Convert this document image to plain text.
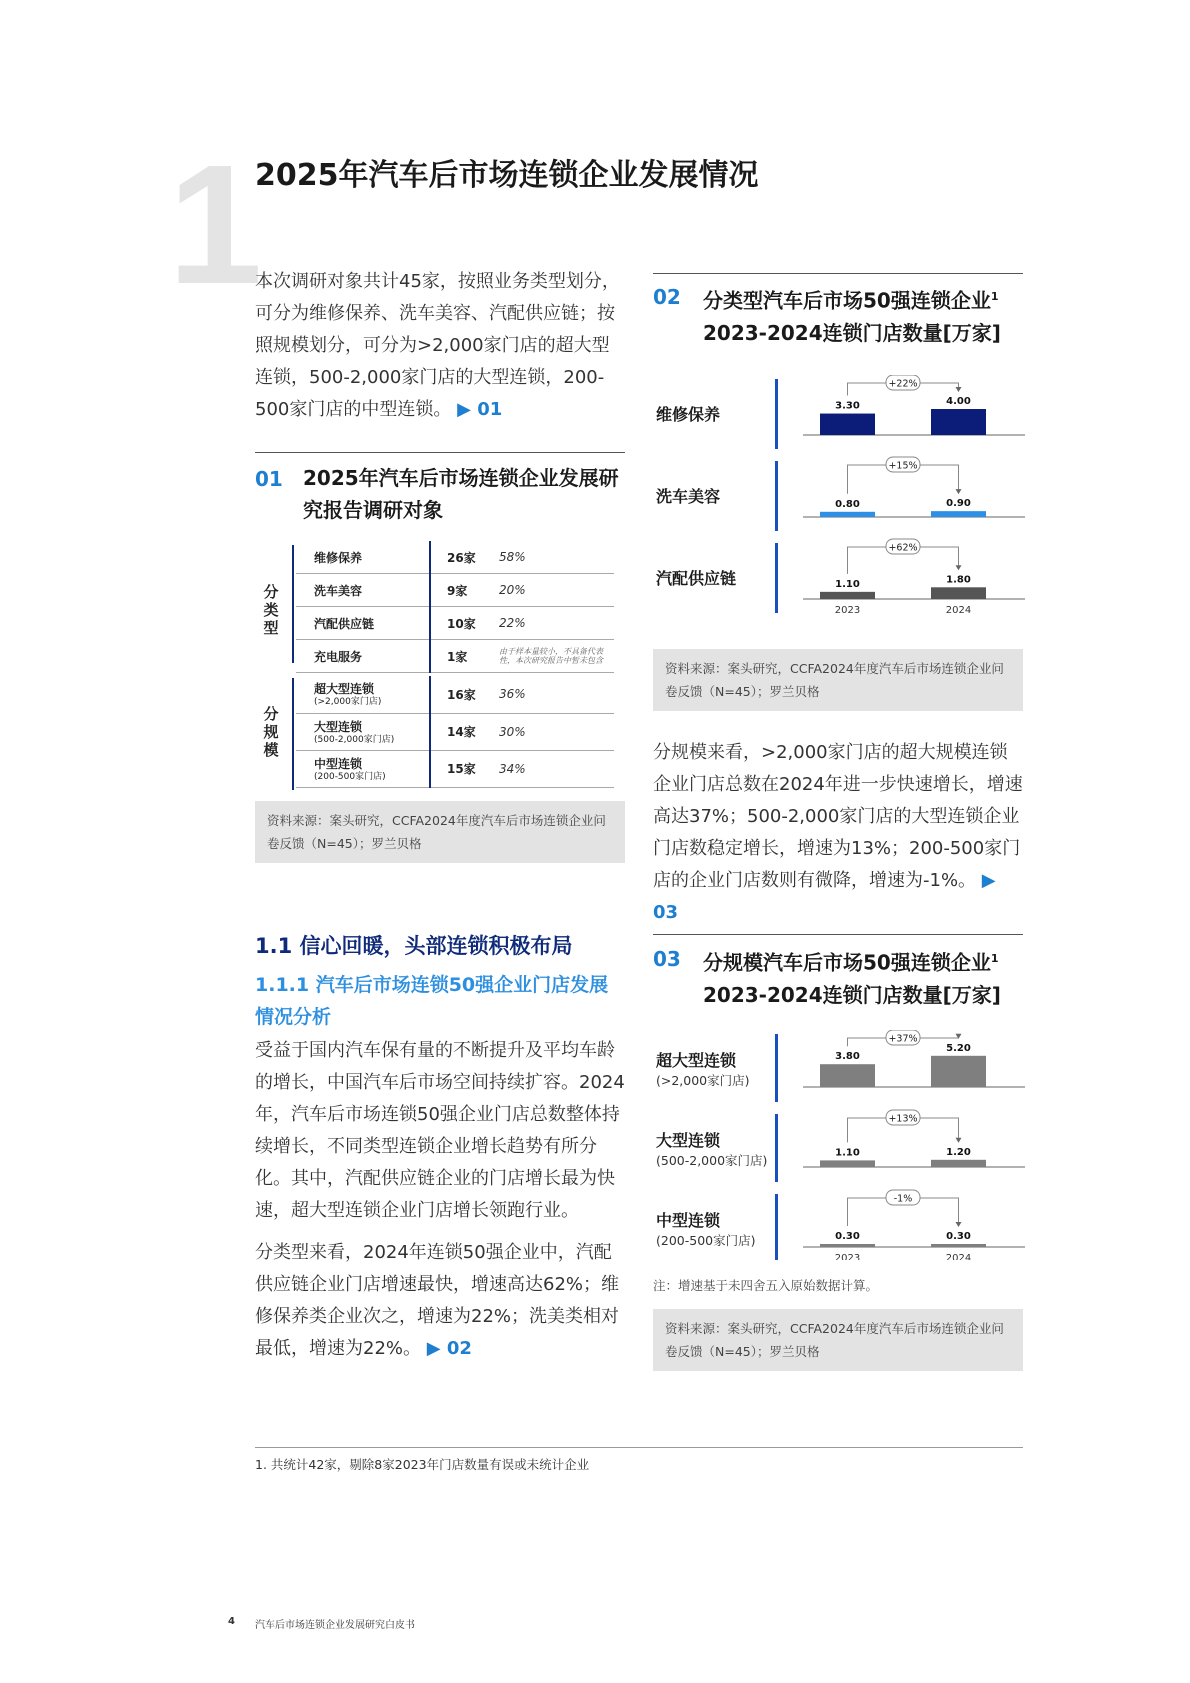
1
2025年汽车后市场连锁企业发展情况
本次调研对象共计45家，按照业务类型划分，可分为维修保养、洗车美容、汽配供应链；按照规模划分，可分为>2,000家门店的超大型连锁，500-2,000家门店的大型连锁，200-500家门店的中型连锁。 ▶ 01
01 2025年汽车后市场连锁企业发展研究报告调研对象
分类型
维修保养	26家	58%
洗车美容	9家	20%
汽配供应链	10家	22%
充电服务	1家	由于样本量较小，不具备代表性，本次研究报告中暂未包含
分规模
超大型连锁
(>2,000家门店)	16家	36%
大型连锁
(500-2,000家门店)	14家	30%
中型连锁
(200-500家门店)	15家	34%
资料来源：案头研究，CCFA2024年度汽车后市场连锁企业问卷反馈（N=45）；罗兰贝格
1.1 信心回暖，头部连锁积极布局
1.1.1 汽车后市场连锁50强企业门店发展情况分析
受益于国内汽车保有量的不断提升及平均车龄的增长，中国汽车后市场空间持续扩容。2024年，汽车后市场连锁50强企业门店总数整体持续增长，不同类型连锁企业增长趋势有所分化。其中，汽配供应链企业的门店增长最为快速，超大型连锁企业门店增长领跑行业。
分类型来看，2024年连锁50强企业中，汽配供应链企业门店增速最快，增速高达62%；维修保养类企业次之，增速为22%；洗美类相对最低，增速为22%。 ▶ 02
02 分类型汽车后市场50强连锁企业$^1$
2023-2024连锁门店数量[万家]
维修保养	3.30	4.00
+22%
洗车美容	0.80	0.90
+15%
汽配供应链	1.10	1.80
+62%
2023	2024
资料来源：案头研究，CCFA2024年度汽车后市场连锁企业问卷反馈（N=45）；罗兰贝格
分规模来看，>2,000家门店的超大规模连锁企业门店总数在2024年进一步快速增长，增速高达37%；500-2,000家门店的大型连锁企业门店数稳定增长，增速为13%；200-500家门店的企业门店数则有微降，增速为-1%。 ▶ 03
03 分规模汽车后市场50强连锁企业$^1$
2023-2024连锁门店数量[万家]
超大型连锁
(>2,000家门店)
3.80
5.20
+37%
大型连锁
(500-2,000家门店)
1.10	1.20
+13%
中型连锁
(200-500家门店)	0.30	0.30
-1%
2023	2024
注：增速基于未四舍五入原始数据计算。
资料来源：案头研究，CCFA2024年度汽车后市场连锁企业问卷反馈（N=45）；罗兰贝格
1. 共统计42家，剔除8家2023年门店数量有误或未统计企业
4 汽车后市场连锁企业发展研究白皮书
